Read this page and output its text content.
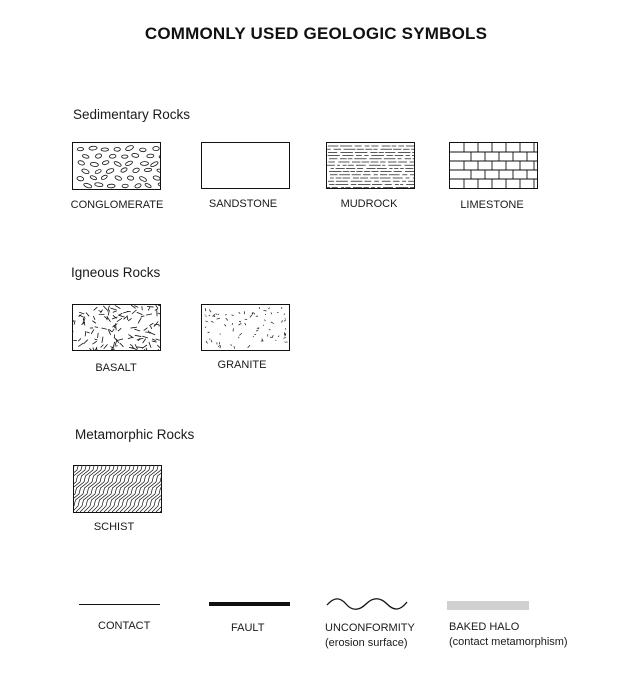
COMMONLY USED GEOLOGIC SYMBOLS
Sedimentary Rocks
CONGLOMERATE	SANDSTONE	MUDROCK	LIMESTONE
Igneous Rocks
BASALT	GRANITE
Metamorphic Rocks
SCHIST
CONTACT	FAULT	UNCONFORMITY
(erosion surface)
BAKED HALO
(contact metamorphism)
